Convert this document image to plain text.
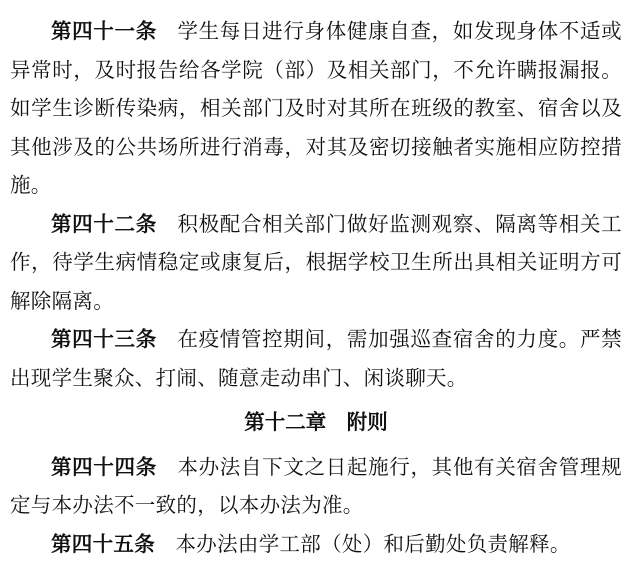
第四十一条 学生每日进行身体健康自查，如发现身体不适或异常时，及时报告给各学院（部）及相关部门，不允许瞒报漏报。如学生诊断传染病，相关部门及时对其所在班级的教室、宿舍以及其他涉及的公共场所进行消毒，对其及密切接触者实施相应防控措施。

第四十二条 积极配合相关部门做好监测观察、隔离等相关工作，待学生病情稳定或康复后，根据学校卫生所出具相关证明方可解除隔离。

第四十三条 在疫情管控期间，需加强巡查宿舍的力度。严禁出现学生聚众、打闹、随意走动串门、闲谈聊天。

第十二章 附则

第四十四条 本办法自下文之日起施行，其他有关宿舍管理规定与本办法不一致的，以本办法为准。

第四十五条 本办法由学工部（处）和后勤处负责解释。
